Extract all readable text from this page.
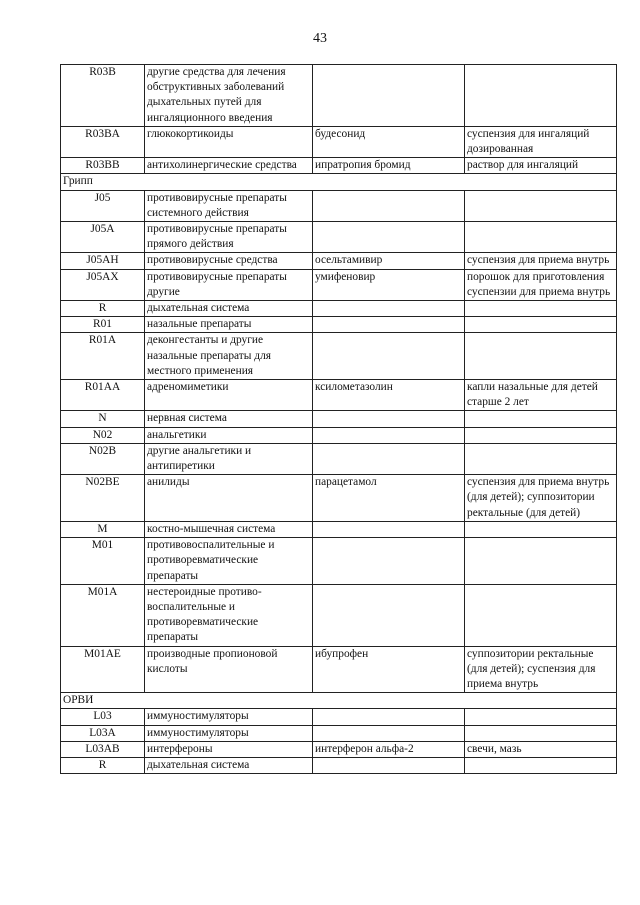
43
R03B	другие средства для лечения обструктивных заболеваний дыхательных путей для ингаляционного введения		
R03BA	глюкокортикоиды	будесонид	суспензия для ингаляций дозированная
R03BB	антихолинергические средства	ипратропия бромид	раствор для ингаляций
Грипп			
J05	противовирусные препараты системного действия		
J05A	противовирусные препараты прямого действия		
J05AH	противовирусные средства	осельтамивир	суспензия для приема внутрь
J05AX	противовирусные препараты другие	умифеновир	порошок для приготовления суспензии для приема внутрь
R	дыхательная система		
R01	назальные препараты		
R01A	деконгестанты и другие назальные препараты для местного применения		
R01AA	адреномиметики	ксилометазолин	капли назальные для детей старше 2 лет
N	нервная система		
N02	анальгетики		
N02B	другие анальгетики и антипиретики		
N02BE	анилиды	парацетамол	суспензия для приема внутрь (для детей); суппозитории ректальные (для детей)
M	костно-мышечная система		
M01	противовоспалительные и противоревматические препараты		
M01A	нестероидные противо-воспалительные и противоревматические препараты		
M01AE	производные пропионовой кислоты	ибупрофен	суппозитории ректальные (для детей); суспензия для приема внутрь
ОРВИ			
L03	иммуностимуляторы		
L03A	иммуностимуляторы		
L03AB	интерфероны	интерферон альфа-2	свечи, мазь
R	дыхательная система		
